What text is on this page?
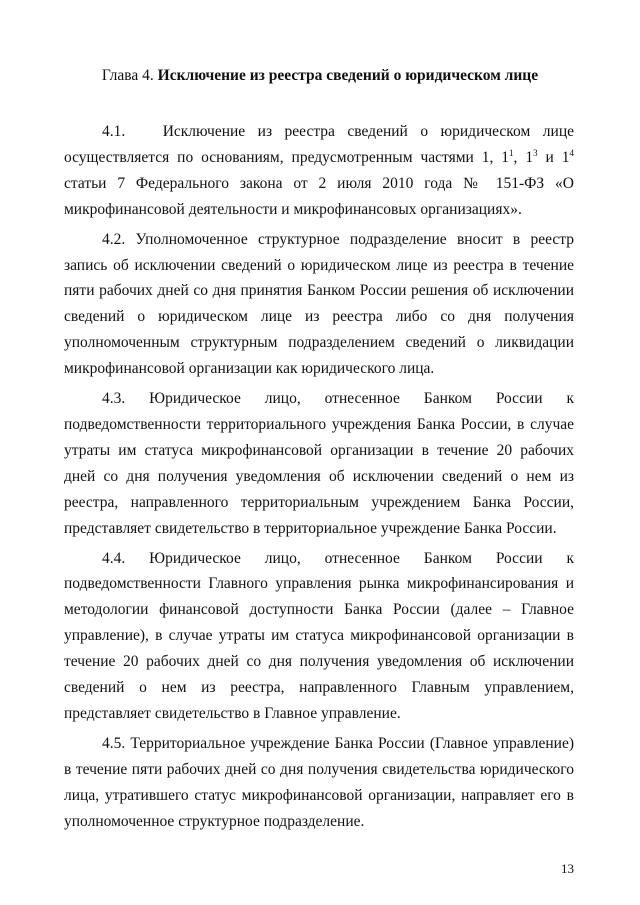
Глава 4. Исключение из реестра сведений о юридическом лице

4.1.   Исключение из реестра сведений о юридическом лице осуществляется по основаниям, предусмотренным частями 1, $1^1$, $1^3$ и $1^4$ статьи 7 Федерального закона от 2 июля 2010 года № 151-ФЗ «О микрофинансовой деятельности и микрофинансовых организациях».

4.2. Уполномоченное структурное подразделение вносит в реестр запись об исключении сведений о юридическом лице из реестра в течение пяти рабочих дней со дня принятия Банком России решения об исключении сведений о юридическом лице из реестра либо со дня получения уполномоченным структурным подразделением сведений о ликвидации микрофинансовой организации как юридического лица.

4.3. Юридическое лицо, отнесенное Банком России к подведомственности территориального учреждения Банка России, в случае утраты им статуса микрофинансовой организации в течение 20 рабочих дней со дня получения уведомления об исключении сведений о нем из реестра, направленного территориальным учреждением Банка России, представляет свидетельство в территориальное учреждение Банка России.

4.4. Юридическое лицо, отнесенное Банком России к подведомственности Главного управления рынка микрофинансирования и методологии финансовой доступности Банка России (далее – Главное управление), в случае утраты им статуса микрофинансовой организации в течение 20 рабочих дней со дня получения уведомления об исключении сведений о нем из реестра, направленного Главным управлением, представляет свидетельство в Главное управление.

4.5. Территориальное учреждение Банка России (Главное управление) в течение пяти рабочих дней со дня получения свидетельства юридического лица, утратившего статус микрофинансовой организации, направляет его в уполномоченное структурное подразделение.

13
